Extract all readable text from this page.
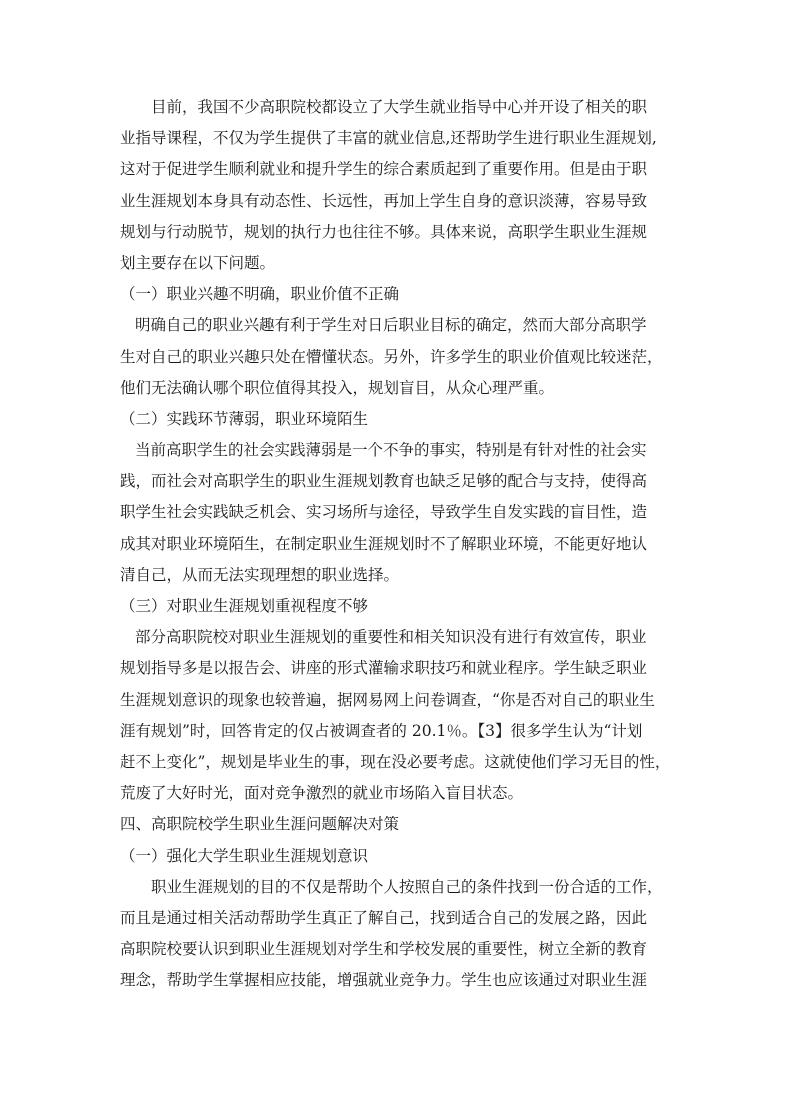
目前，我国不少高职院校都设立了大学生就业指导中心并开设了相关的职
业指导课程，不仅为学生提供了丰富的就业信息,还帮助学生进行职业生涯规划,
这对于促进学生顺利就业和提升学生的综合素质起到了重要作用。但是由于职
业生涯规划本身具有动态性、长远性，再加上学生自身的意识淡薄，容易导致
规划与行动脱节，规划的执行力也往往不够。具体来说，高职学生职业生涯规
划主要存在以下问题。
（一）职业兴趣不明确，职业价值不正确
明确自己的职业兴趣有利于学生对日后职业目标的确定，然而大部分高职学
生对自己的职业兴趣只处在懵懂状态。另外，许多学生的职业价值观比较迷茫，
他们无法确认哪个职位值得其投入，规划盲目，从众心理严重。
（二）实践环节薄弱，职业环境陌生
当前高职学生的社会实践薄弱是一个不争的事实，特别是有针对性的社会实
践，而社会对高职学生的职业生涯规划教育也缺乏足够的配合与支持，使得高
职学生社会实践缺乏机会、实习场所与途径，导致学生自发实践的盲目性，造
成其对职业环境陌生，在制定职业生涯规划时不了解职业环境，不能更好地认
清自己，从而无法实现理想的职业选择。
（三）对职业生涯规划重视程度不够
部分高职院校对职业生涯规划的重要性和相关知识没有进行有效宣传，职业
规划指导多是以报告会、讲座的形式灌输求职技巧和就业程序。学生缺乏职业
生涯规划意识的现象也较普遍，据网易网上问卷调查，“你是否对自己的职业生
涯有规划”时，回答肯定的仅占被调查者的 20.1％。【3】很多学生认为“计划
赶不上变化”，规划是毕业生的事，现在没必要考虑。这就使他们学习无目的性，
荒废了大好时光，面对竞争激烈的就业市场陷入盲目状态。
四、高职院校学生职业生涯问题解决对策
（一）强化大学生职业生涯规划意识
职业生涯规划的目的不仅是帮助个人按照自己的条件找到一份合适的工作，
而且是通过相关活动帮助学生真正了解自己，找到适合自己的发展之路，因此
高职院校要认识到职业生涯规划对学生和学校发展的重要性，树立全新的教育
理念，帮助学生掌握相应技能，增强就业竞争力。学生也应该通过对职业生涯
